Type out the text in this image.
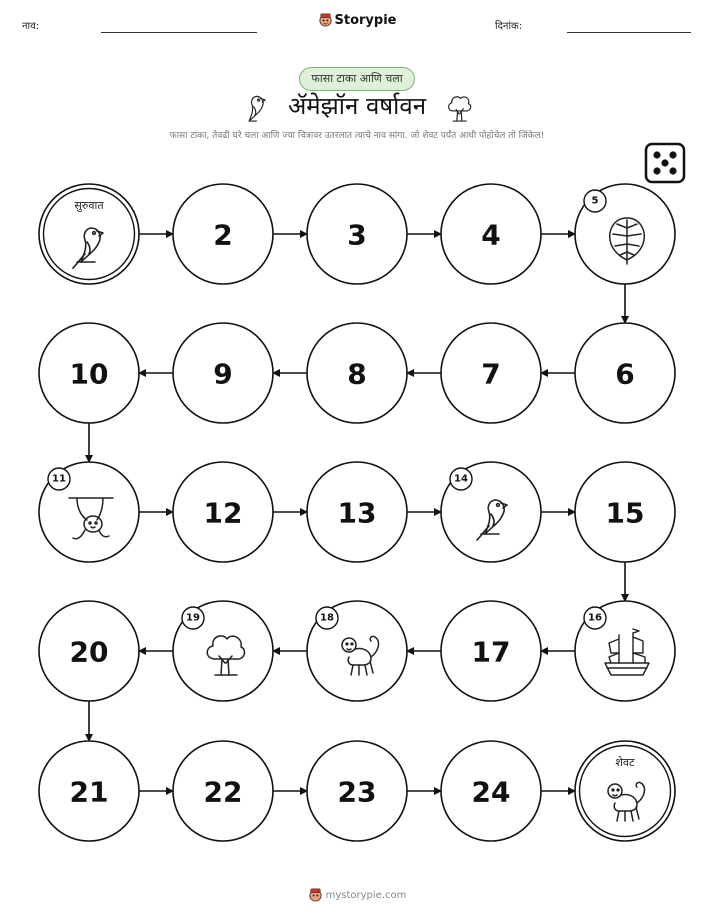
नाव:	Storypie	दिनांक:
फासा टाका आणि चला
ॲमेझॉन वर्षावन
फासा टाका, तेवढी घरे चला आणि ज्या चित्रावर उतरलात त्याचे नाव सांगा. जो शेवट पर्यंत आधी पोहोचेल तो जिंकेल!
सुरुवात
2	3	4
5
6
7
8
9
10
11
12	13
14
15
16
17
18
19
20
21	22	23	24
शेवट
mystorypie.com
